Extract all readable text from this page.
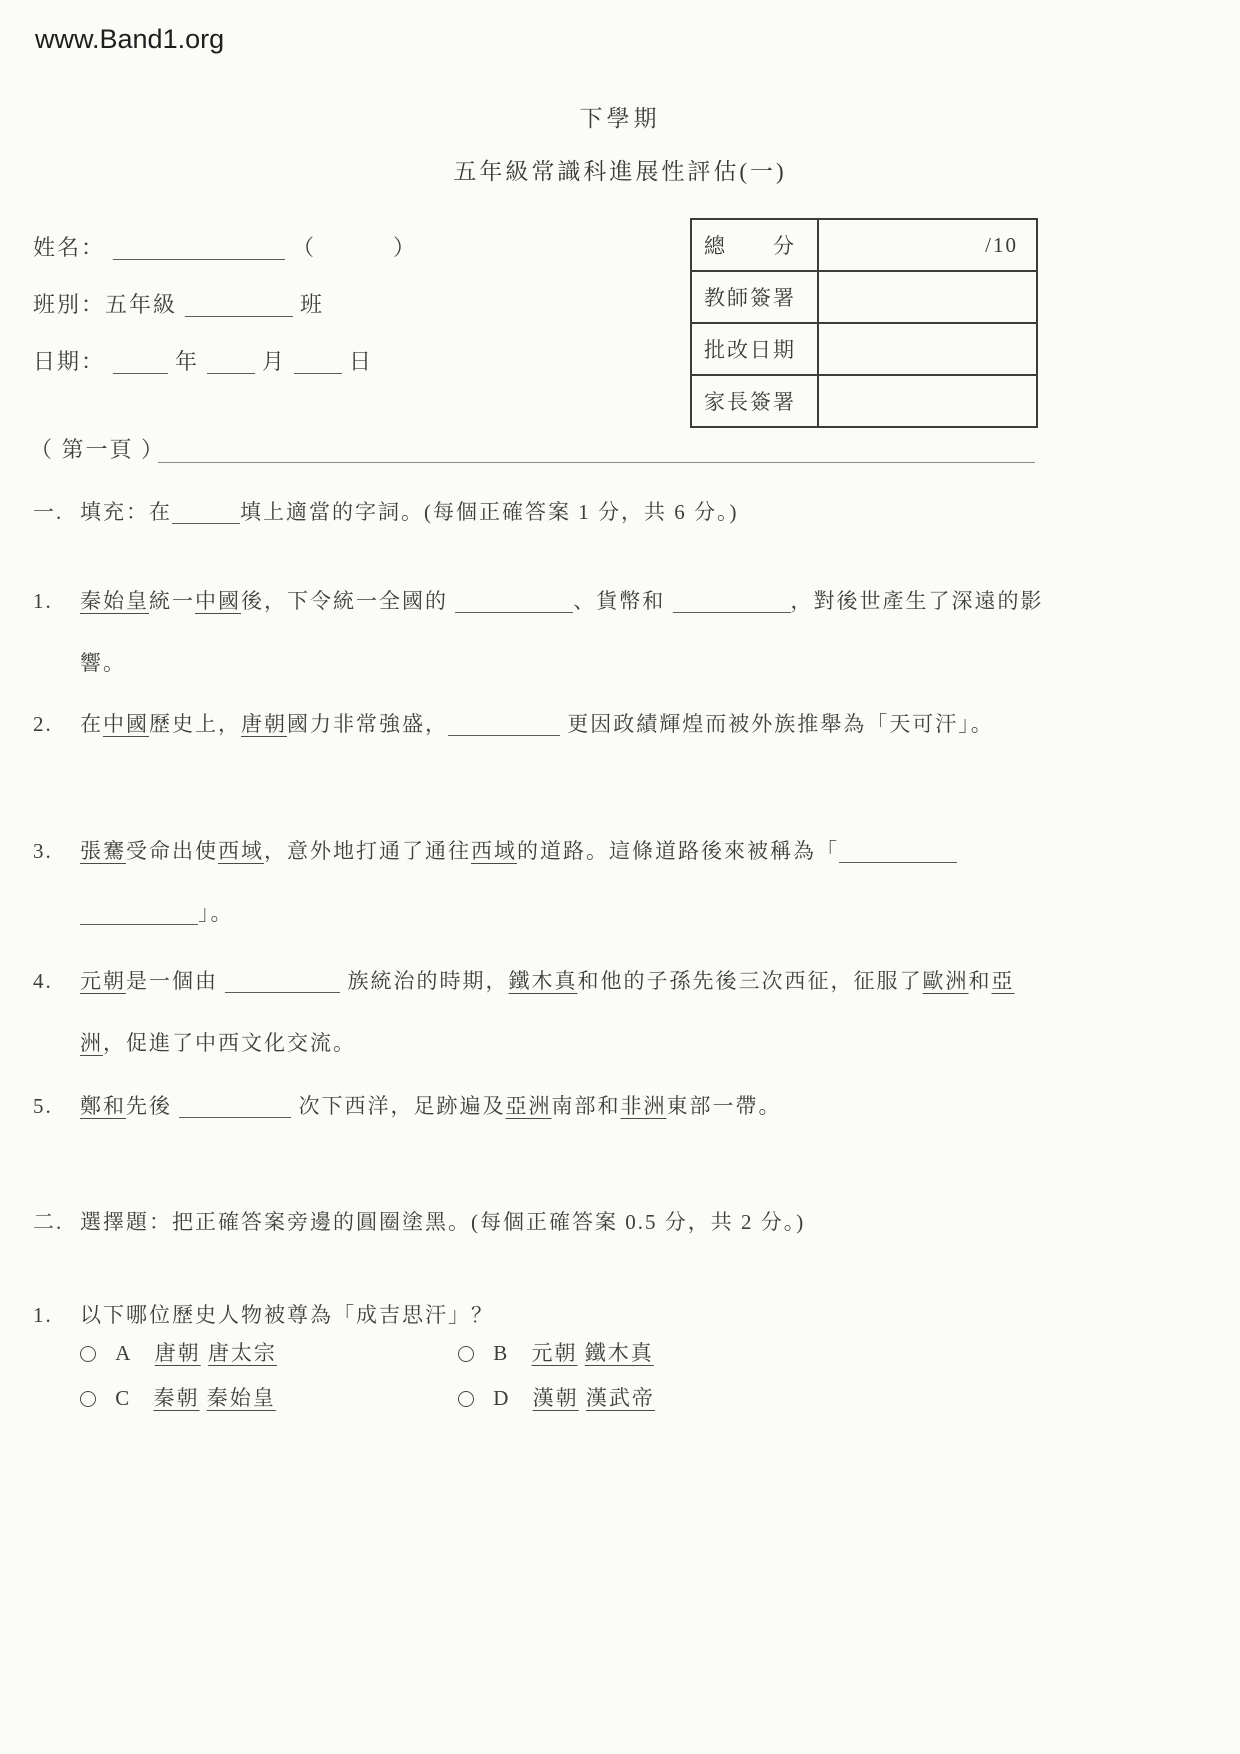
www.Band1.org
下學期
五年級常識科進展性評估(一)
姓名：	（	）
班別：五年級	班
日期：	年	月	日
總　　分	/10
教師簽署	
批改日期	
家長簽署	
（ 第一頁 ）
一. 填充：在	填上適當的字詞。(每個正確答案 1 分，共 6 分。)
1. 秦始皇統一中國後，下令統一全國的	、貨幣和	，對後世產生了深遠的影響。
2. 在中國歷史上，唐朝國力非常強盛，	更因政績輝煌而被外族推舉為「天可汗」。
3. 張騫受命出使西域，意外地打通了通往西域的道路。這條道路後來被稱為「 」。
4. 元朝是一個由	族統治的時期，鐵木真和他的子孫先後三次西征，征服了歐洲和亞洲，促進了中西文化交流。
5. 鄭和先後	次下西洋，足跡遍及亞洲南部和非洲東部一帶。
二. 選擇題：把正確答案旁邊的圓圈塗黑。(每個正確答案 0.5 分，共 2 分。)
1. 以下哪位歷史人物被尊為「成吉思汗」？
A 唐朝 唐太宗	B 元朝 鐵木真
C 秦朝 秦始皇	D 漢朝 漢武帝
